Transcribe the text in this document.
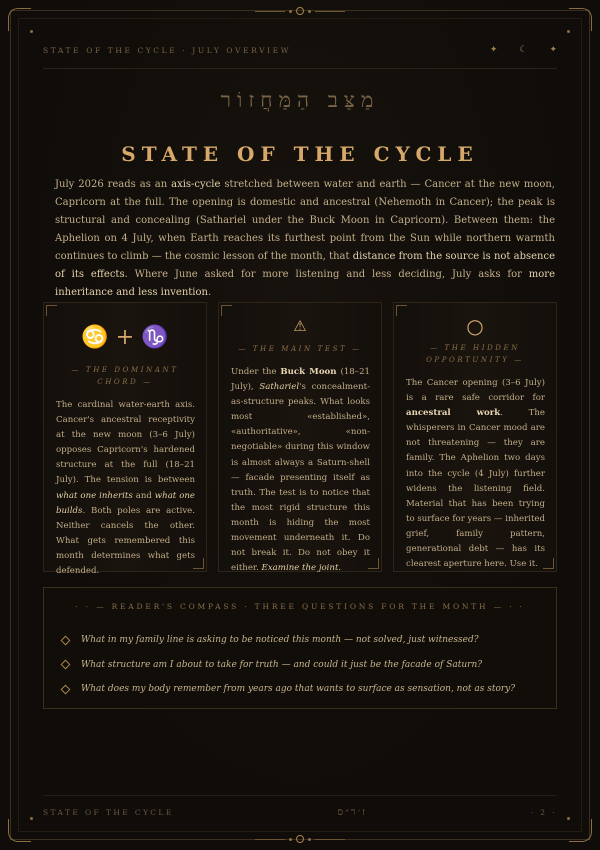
STATE OF THE CYCLE · JULY OVERVIEW	✦ ☾ ✦
מַצַּב הַמַּחֲזוֹר
STATE OF THE CYCLE

July 2026 reads as an axis-cycle stretched between water and earth — Cancer at the new moon, Capricorn at the full. The opening is domestic and ancestral (Nehemoth in Cancer); the peak is structural and concealing (Sathariel under the Buck Moon in Capricorn). Between them: the Aphelion on 4 July, when Earth reaches its furthest point from the Sun while northern warmth continues to climb — the cosmic lesson of the month, that distance from the source is not absence of its effects. Where June asked for more listening and less deciding, July asks for more inheritance and less invention.

♋ + ♑
— THE DOMINANT CHORD —
The cardinal water-earth axis. Cancer's ancestral receptivity at the new moon (3–6 July) opposes Capricorn's hardened structure at the full (18–21 July). The tension is between what one inherits and what one builds. Both poles are active. Neither cancels the other. What gets remembered this month determines what gets defended.
⚠
— THE MAIN TEST —
Under the Buck Moon (18–21 July), Sathariel's concealment-as-structure peaks. What looks most «established», «authoritative», «non-negotiable» during this window is almost always a Saturn-shell — facade presenting itself as truth. The test is to notice that the most rigid structure this month is hiding the most movement underneath it. Do not break it. Do not obey it either. Examine the joint.
○
— THE HIDDEN OPPORTUNITY —
The Cancer opening (3–6 July) is a rare safe corridor for ancestral work. The whisperers in Cancer mood are not threatening — they are family. The Aphelion two days into the cycle (4 July) further widens the listening field. Material that has been trying to surface for years — inherited grief, family pattern, generational debt — has its clearest aperture here. Use it.
· · — READER'S COMPASS · THREE QUESTIONS FOR THE MONTH — · ·
What in my family line is asking to be noticed this month — not solved, just witnessed?
What structure am I about to take for truth — and could it just be the facade of Saturn?
What does my body remember from years ago that wants to surface as sensation, not as story?
STATE OF THE CYCLE	ז׳ר״ס	· 2 ·
